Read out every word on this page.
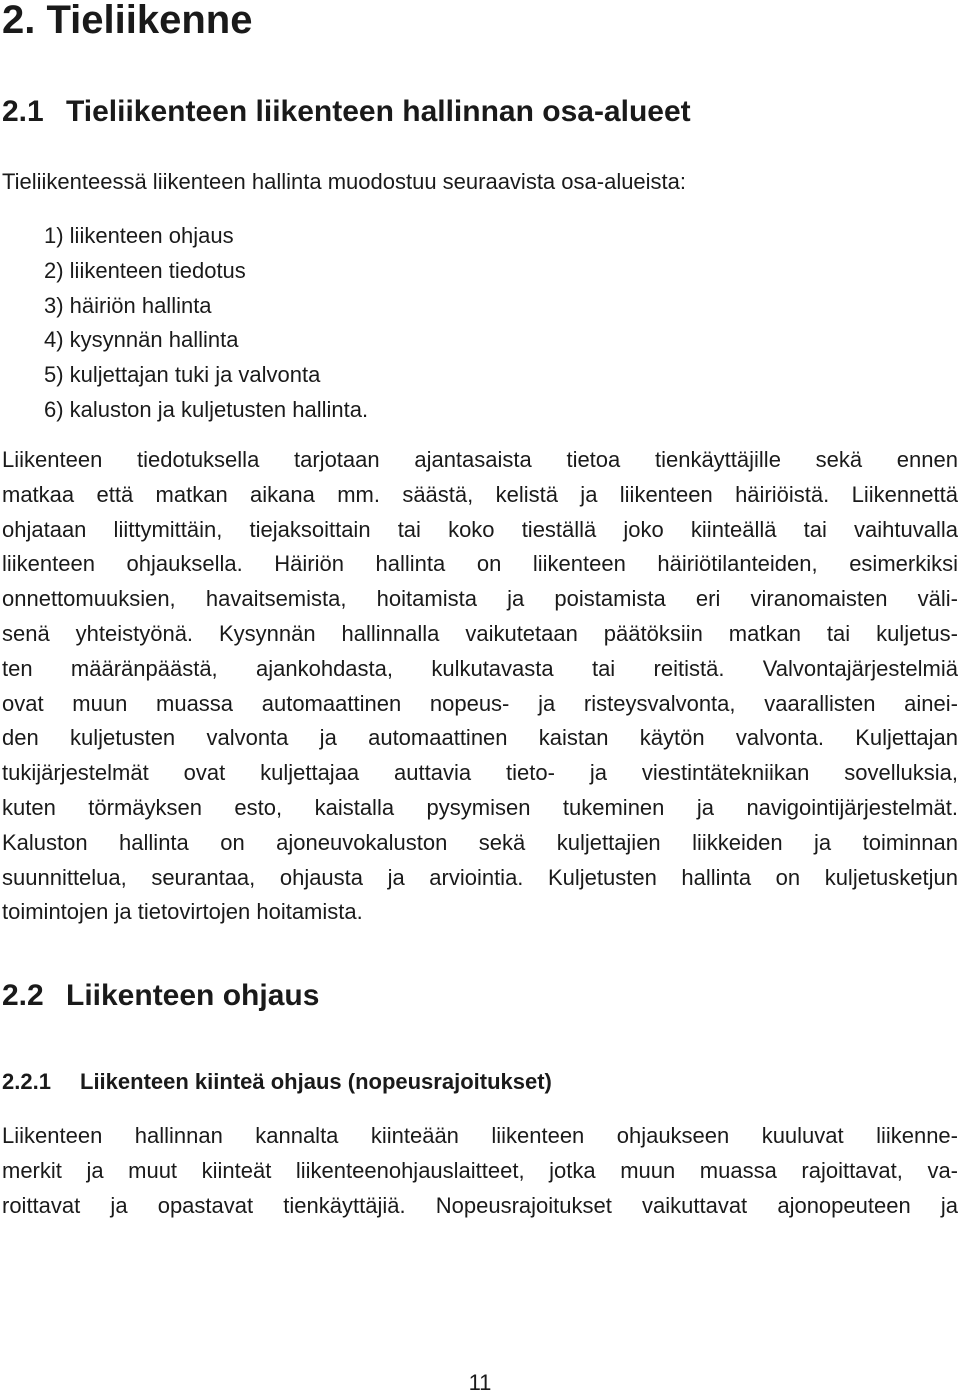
2. Tieliikenne
2.1 Tieliikenteen liikenteen hallinnan osa-alueet

Tieliikenteessä liikenteen hallinta muodostuu seuraavista osa-alueista:

1) liikenteen ohjaus
2) liikenteen tiedotus
3) häiriön hallinta
4) kysynnän hallinta
5) kuljettajan tuki ja valvonta
6) kaluston ja kuljetusten hallinta.

Liikenteen tiedotuksella tarjotaan ajantasaista tietoa tienkäyttäjille sekä ennen
matkaa että matkan aikana mm. säästä, kelistä ja liikenteen häiriöistä. Liikennettä
ohjataan liittymittäin, tiejaksoittain tai koko tieställä joko kiinteällä tai vaihtuvalla
liikenteen ohjauksella. Häiriön hallinta on liikenteen häiriötilanteiden, esimerkiksi
onnettomuuksien, havaitsemista, hoitamista ja poistamista eri viranomaisten väli-
senä yhteistyönä. Kysynnän hallinnalla vaikutetaan päätöksiin matkan tai kuljetus-
ten määränpäästä, ajankohdasta, kulkutavasta tai reitistä. Valvontajärjestelmiä
ovat muun muassa automaattinen nopeus- ja risteysvalvonta, vaarallisten ainei-
den kuljetusten valvonta ja automaattinen kaistan käytön valvonta. Kuljettajan
tukijärjestelmät ovat kuljettajaa auttavia tieto- ja viestintätekniikan sovelluksia,
kuten törmäyksen esto, kaistalla pysymisen tukeminen ja navigointijärjestelmät.
Kaluston hallinta on ajoneuvokaluston sekä kuljettajien liikkeiden ja toiminnan
suunnittelua, seurantaa, ohjausta ja arviointia. Kuljetusten hallinta on kuljetusketjun
toimintojen ja tietovirtojen hoitamista.

2.2 Liikenteen ohjaus
2.2.1 Liikenteen kiinteä ohjaus (nopeusrajoitukset)

Liikenteen hallinnan kannalta kiinteään liikenteen ohjaukseen kuuluvat liikenne-
merkit ja muut kiinteät liikenteenohjauslaitteet, jotka muun muassa rajoittavat, va-
roittavat ja opastavat tienkäyttäjiä. Nopeusrajoitukset vaikuttavat ajonopeuteen ja

11
